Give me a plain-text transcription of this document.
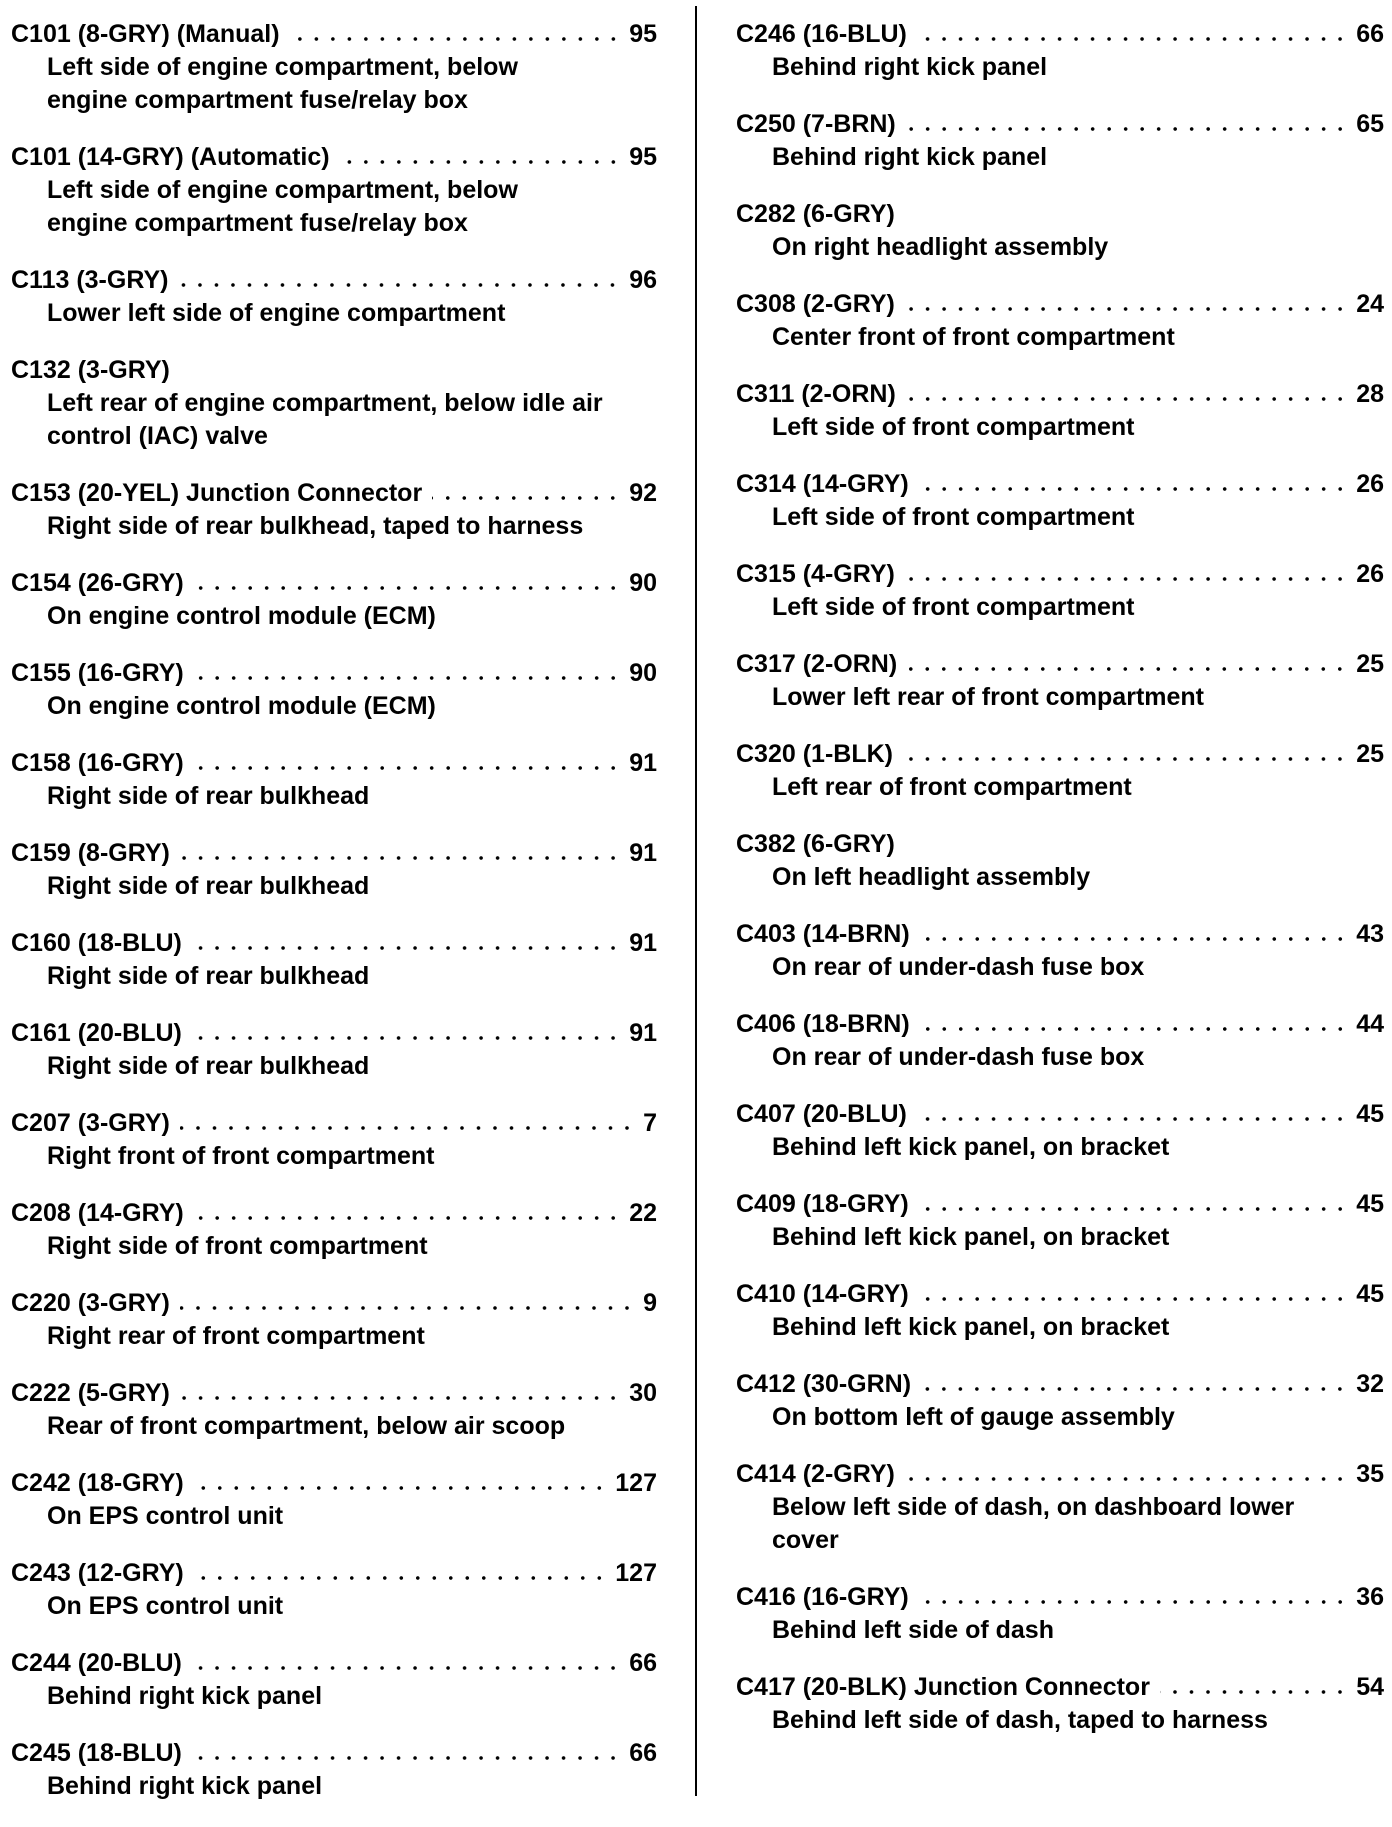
C101 (8-GRY) (Manual)	95
Left side of engine compartment, below
engine compartment fuse/relay box
C101 (14-GRY) (Automatic)	95
Left side of engine compartment, below
engine compartment fuse/relay box
C113 (3-GRY)	96
Lower left side of engine compartment
C132 (3-GRY)
Left rear of engine compartment, below idle air
control (IAC) valve
C153 (20-YEL) Junction Connector	92
Right side of rear bulkhead, taped to harness
C154 (26-GRY)	90
On engine control module (ECM)
C155 (16-GRY)	90
On engine control module (ECM)
C158 (16-GRY)	91
Right side of rear bulkhead
C159 (8-GRY)	91
Right side of rear bulkhead
C160 (18-BLU)	91
Right side of rear bulkhead
C161 (20-BLU)	91
Right side of rear bulkhead
C207 (3-GRY)	7
Right front of front compartment
C208 (14-GRY)	22
Right side of front compartment
C220 (3-GRY)	9
Right rear of front compartment
C222 (5-GRY)	30
Rear of front compartment, below air scoop
C242 (18-GRY)	127
On EPS control unit
C243 (12-GRY)	127
On EPS control unit
C244 (20-BLU)	66
Behind right kick panel
C245 (18-BLU)	66
Behind right kick panel
C246 (16-BLU)	66
Behind right kick panel
C250 (7-BRN)	65
Behind right kick panel
C282 (6-GRY)
On right headlight assembly
C308 (2-GRY)	24
Center front of front compartment
C311 (2-ORN)	28
Left side of front compartment
C314 (14-GRY)	26
Left side of front compartment
C315 (4-GRY)	26
Left side of front compartment
C317 (2-ORN)	25
Lower left rear of front compartment
C320 (1-BLK)	25
Left rear of front compartment
C382 (6-GRY)
On left headlight assembly
C403 (14-BRN)	43
On rear of under-dash fuse box
C406 (18-BRN)	44
On rear of under-dash fuse box
C407 (20-BLU)	45
Behind left kick panel, on bracket
C409 (18-GRY)	45
Behind left kick panel, on bracket
C410 (14-GRY)	45
Behind left kick panel, on bracket
C412 (30-GRN)	32
On bottom left of gauge assembly
C414 (2-GRY)	35
Below left side of dash, on dashboard lower
cover
C416 (16-GRY)	36
Behind left side of dash
C417 (20-BLK) Junction Connector	54
Behind left side of dash, taped to harness
